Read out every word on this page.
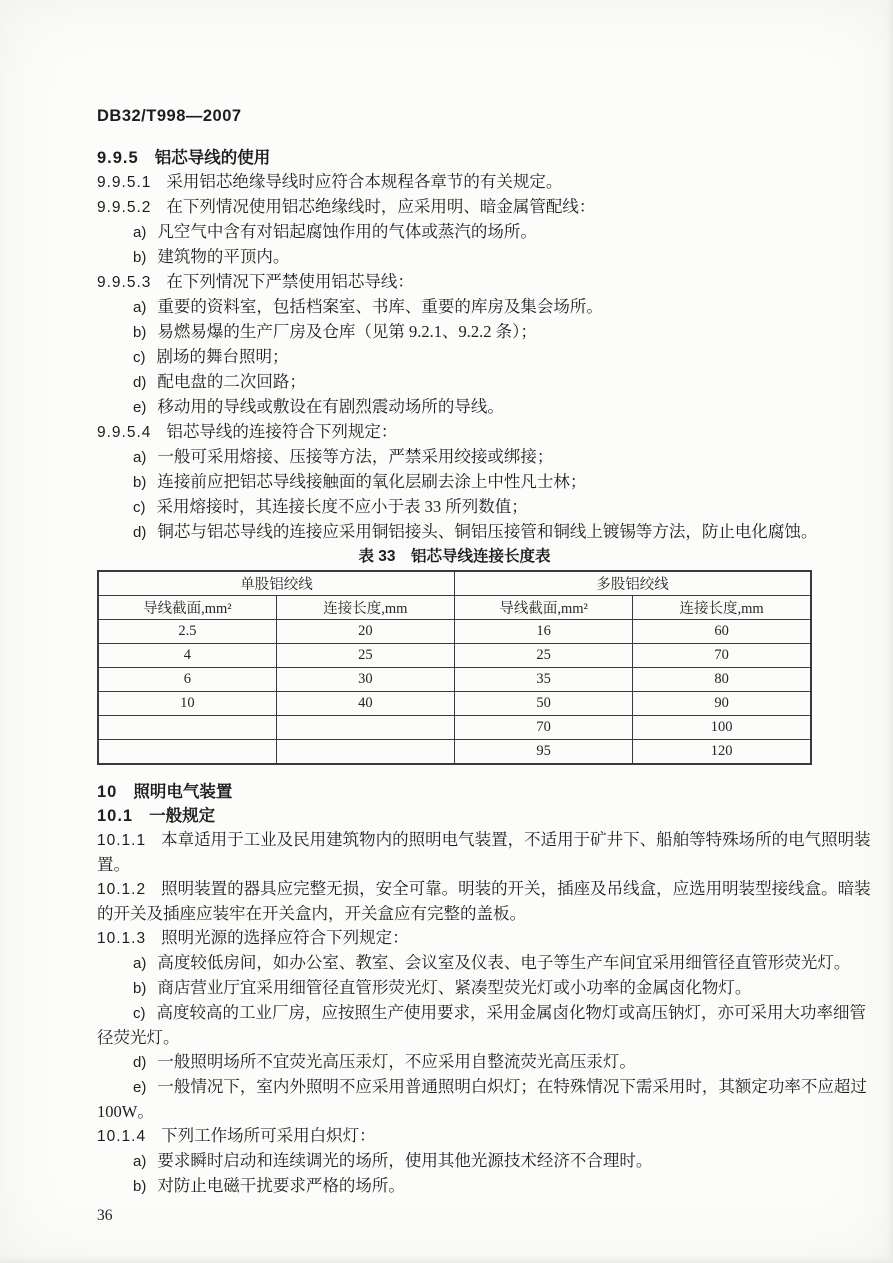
DB32/T998—2007
9.9.5 铝芯导线的使用

9.9.5.1 采用铝芯绝缘导线时应符合本规程各章节的有关规定。

9.9.5.2 在下列情况使用铝芯绝缘线时，应采用明、暗金属管配线：

a) 凡空气中含有对铝起腐蚀作用的气体或蒸汽的场所。

b) 建筑物的平顶内。

9.9.5.3 在下列情况下严禁使用铝芯导线：

a) 重要的资料室，包括档案室、书库、重要的库房及集会场所。

b) 易燃易爆的生产厂房及仓库（见第 9.2.1、9.2.2 条）；

c) 剧场的舞台照明；

d) 配电盘的二次回路；

e) 移动用的导线或敷设在有剧烈震动场所的导线。

9.9.5.4 铝芯导线的连接符合下列规定：

a) 一般可采用熔接、压接等方法，严禁采用绞接或绑接；

b) 连接前应把铝芯导线接触面的氧化层刷去涂上中性凡士林；

c) 采用熔接时，其连接长度不应小于表 33 所列数值；

d) 铜芯与铝芯导线的连接应采用铜铝接头、铜铝压接管和铜线上镀锡等方法，防止电化腐蚀。

表 33　铝芯导线连接长度表
单股铝绞线		多股铝绞线	
导线截面,mm²	连接长度,mm	导线截面,mm²	连接长度,mm
2.5	20	16	60
4	25	25	70
6	30	35	80
10	40	50	90
		70	100
		95	120
10 照明电气装置
10.1 一般规定

10.1.1 本章适用于工业及民用建筑物内的照明电气装置，不适用于矿井下、船舶等特殊场所的电气照明装置。

10.1.2 照明装置的器具应完整无损，安全可靠。明装的开关，插座及吊线盒，应选用明装型接线盒。暗装的开关及插座应装牢在开关盒内，开关盒应有完整的盖板。

10.1.3 照明光源的选择应符合下列规定：

a) 高度较低房间，如办公室、教室、会议室及仪表、电子等生产车间宜采用细管径直管形荧光灯。

b) 商店营业厅宜采用细管径直管形荧光灯、紧凑型荧光灯或小功率的金属卤化物灯。

c) 高度较高的工业厂房，应按照生产使用要求，采用金属卤化物灯或高压钠灯，亦可采用大功率细管径荧光灯。

d) 一般照明场所不宜荧光高压汞灯，不应采用自整流荧光高压汞灯。

e) 一般情况下，室内外照明不应采用普通照明白炽灯；在特殊情况下需采用时，其额定功率不应超过 100W。

10.1.4 下列工作场所可采用白炽灯：

a) 要求瞬时启动和连续调光的场所，使用其他光源技术经济不合理时。

b) 对防止电磁干扰要求严格的场所。

36
